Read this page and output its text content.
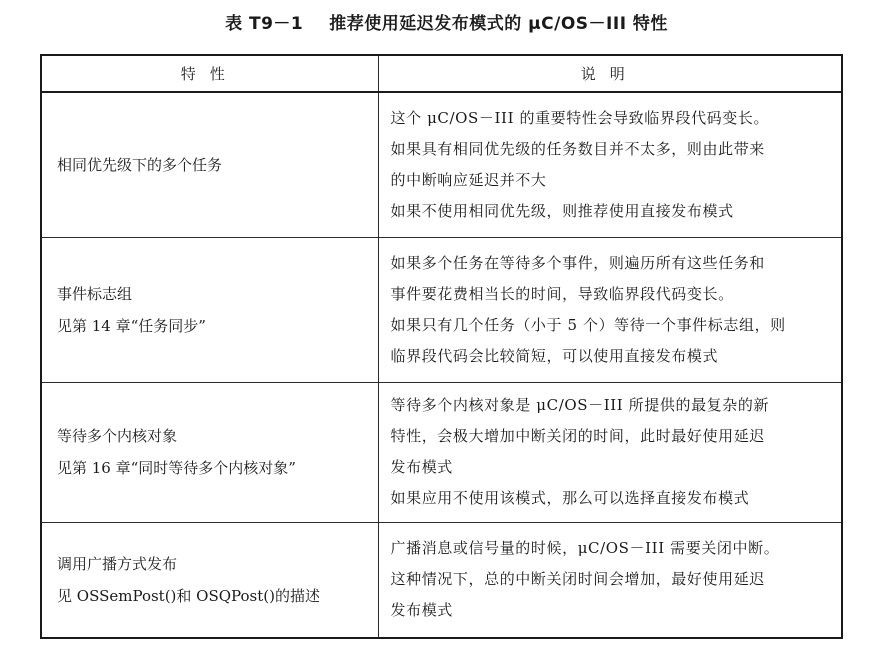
表 T9－1 推荐使用延迟发布模式的 μC/OS－III 特性
特性	说明

相同优先级下的多个任务	这个 μC/OS－III 的重要特性会导致临界段代码变长。
如果具有相同优先级的任务数目并不太多，则由此带来
的中断响应延迟并不大
如果不使用相同优先级，则推荐使用直接发布模式

事件标志组
见第 14 章“任务同步”	如果多个任务在等待多个事件，则遍历所有这些任务和
事件要花费相当长的时间，导致临界段代码变长。
如果只有几个任务（小于 5 个）等待一个事件标志组，则
临界段代码会比较简短，可以使用直接发布模式

等待多个内核对象
见第 16 章“同时等待多个内核对象”	等待多个内核对象是 μC/OS－III 所提供的最复杂的新
特性，会极大增加中断关闭的时间，此时最好使用延迟
发布模式
如果应用不使用该模式，那么可以选择直接发布模式

调用广播方式发布
见 OSSemPost()和 OSQPost()的描述	广播消息或信号量的时候，μC/OS－III 需要关闭中断。
这种情况下，总的中断关闭时间会增加，最好使用延迟
发布模式
